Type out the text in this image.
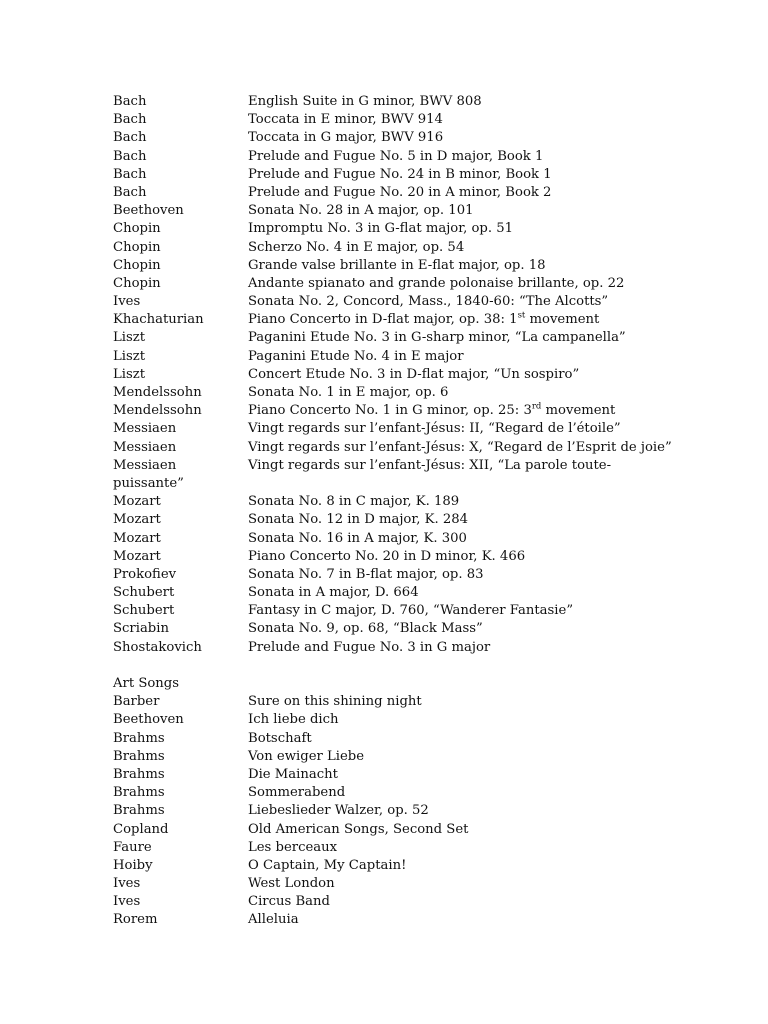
Bach	English Suite in G minor, BWV 808
Bach	Toccata in E minor, BWV 914
Bach	Toccata in G major, BWV 916
Bach	Prelude and Fugue No. 5 in D major, Book 1
Bach	Prelude and Fugue No. 24 in B minor, Book 1
Bach	Prelude and Fugue No. 20 in A minor, Book 2
Beethoven	Sonata No. 28 in A major, op. 101
Chopin	Impromptu No. 3 in G-flat major, op. 51
Chopin	Scherzo No. 4 in E major, op. 54
Chopin	Grande valse brillante in E-flat major, op. 18
Chopin	Andante spianato and grande polonaise brillante, op. 22
Ives	Sonata No. 2, Concord, Mass., 1840-60: “The Alcotts”
Khachaturian	Piano Concerto in D-flat major, op. 38: 1st movement
Liszt	Paganini Etude No. 3 in G-sharp minor, “La campanella”
Liszt	Paganini Etude No. 4 in E major
Liszt	Concert Etude No. 3 in D-flat major, “Un sospiro”
Mendelssohn	Sonata No. 1 in E major, op. 6
Mendelssohn	Piano Concerto No. 1 in G minor, op. 25: 3rd movement
Messiaen	Vingt regards sur l’enfant-Jésus: II, “Regard de l’étoile”
Messiaen	Vingt regards sur l’enfant-Jésus: X, “Regard de l’Esprit de joie”
Messiaen	Vingt regards sur l’enfant-Jésus: XII, “La parole toute-
puissante”
Mozart	Sonata No. 8 in C major, K. 189
Mozart	Sonata No. 12 in D major, K. 284
Mozart	Sonata No. 16 in A major, K. 300
Mozart	Piano Concerto No. 20 in D minor, K. 466
Prokofiev	Sonata No. 7 in B-flat major, op. 83
Schubert	Sonata in A major, D. 664
Schubert	Fantasy in C major, D. 760, “Wanderer Fantasie”
Scriabin	Sonata No. 9, op. 68, “Black Mass”
Shostakovich	Prelude and Fugue No. 3 in G major
Art Songs
Barber	Sure on this shining night
Beethoven	Ich liebe dich
Brahms	Botschaft
Brahms	Von ewiger Liebe
Brahms	Die Mainacht
Brahms	Sommerabend
Brahms	Liebeslieder Walzer, op. 52
Copland	Old American Songs, Second Set
Faure	Les berceaux
Hoiby	O Captain, My Captain!
Ives	West London
Ives	Circus Band
Rorem	Alleluia
